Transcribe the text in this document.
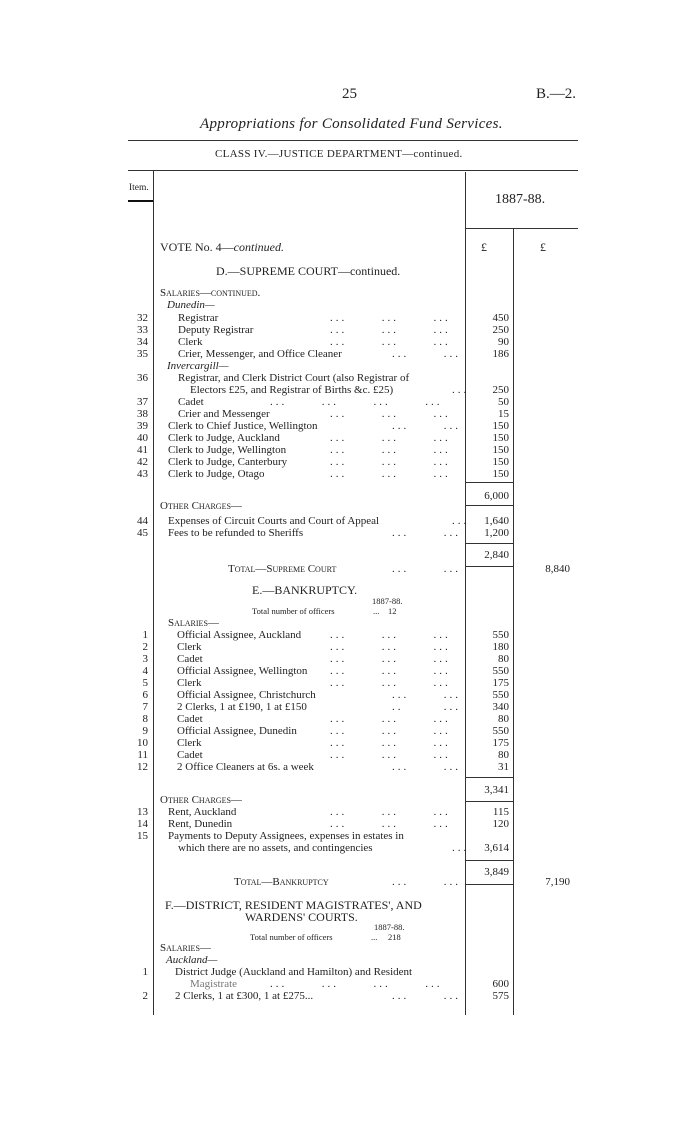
25	B.—2.
Appropriations for Consolidated Fund Services.
CLASS IV.—JUSTICE DEPARTMENT—continued.
Item.
1887-88.
£	£
VOTE No. 4—continued.
D.—SUPREME COURT—continued.
Salaries—continued.
Dunedin—
32	Registrar	450
33	Deputy Registrar	250
34	Clerk	90
35	Crier, Messenger, and Office Cleaner	186
Invercargill—
36	Registrar, and Clerk District Court (also Registrar of
Electors £25, and Registrar of Births &c. £25)	250
37	Cadet	50
38	Crier and Messenger	15
39 Clerk to Chief Justice, Wellington	150
40 Clerk to Judge, Auckland	150
41 Clerk to Judge, Wellington	150
42 Clerk to Judge, Canterbury	150
43 Clerk to Judge, Otago	150
...      ...      ...
...      ...      ...
...      ...      ...
...      ...
...
...      ...      ...      ...
...      ...      ...
...      ...
...      ...      ...
...      ...      ...
...      ...      ...
...      ...      ...
6,000
Other Charges—
44 Expenses of Circuit Courts and Court of Appeal	...	1,640
45 Fees to be refunded to Sheriffs	...      ...	1,200
2,840
Total—Supreme Court	...      ...	8,840
E.—BANKRUPTCY.
1887-88.
Total number of officers	... 12
Salaries—
1	Official Assignee, Auckland	550
2	Clerk	180
3	Cadet	80
4	Official Assignee, Wellington	550
5	Clerk	175
6	Official Assignee, Christchurch	550
7	2 Clerks, 1 at £190, 1 at £150	340
8	Cadet	80
9	Official Assignee, Dunedin	550
10	Clerk	175
11	Cadet	80
12	2 Office Cleaners at 6s. a week	31
...      ...      ...
...      ...      ...
...      ...      ...
...      ...      ...
...      ...      ...
...      ...
..       ...
...      ...      ...
...      ...      ...
...      ...      ...
...      ...      ...
...      ...
3,341
Other Charges—
13 Rent, Auckland	...      ...      ...	115
14 Rent, Dunedin	...      ...      ...	120
15 Payments to Deputy Assignees, expenses in estates in
which there are no assets, and contingencies	...	3,614
3,849
Total—Bankruptcy	...      ...	7,190
F.—DISTRICT, RESIDENT MAGISTRATES', AND
WARDENS' COURTS.
1887-88.
Total number of officers	... 218
Salaries—
Auckland—
1 District Judge (Auckland and Hamilton) and Resident
Magistrate	...      ...      ...      ...	600
2 2 Clerks, 1 at £300, 1 at £275...	...      ...	575
